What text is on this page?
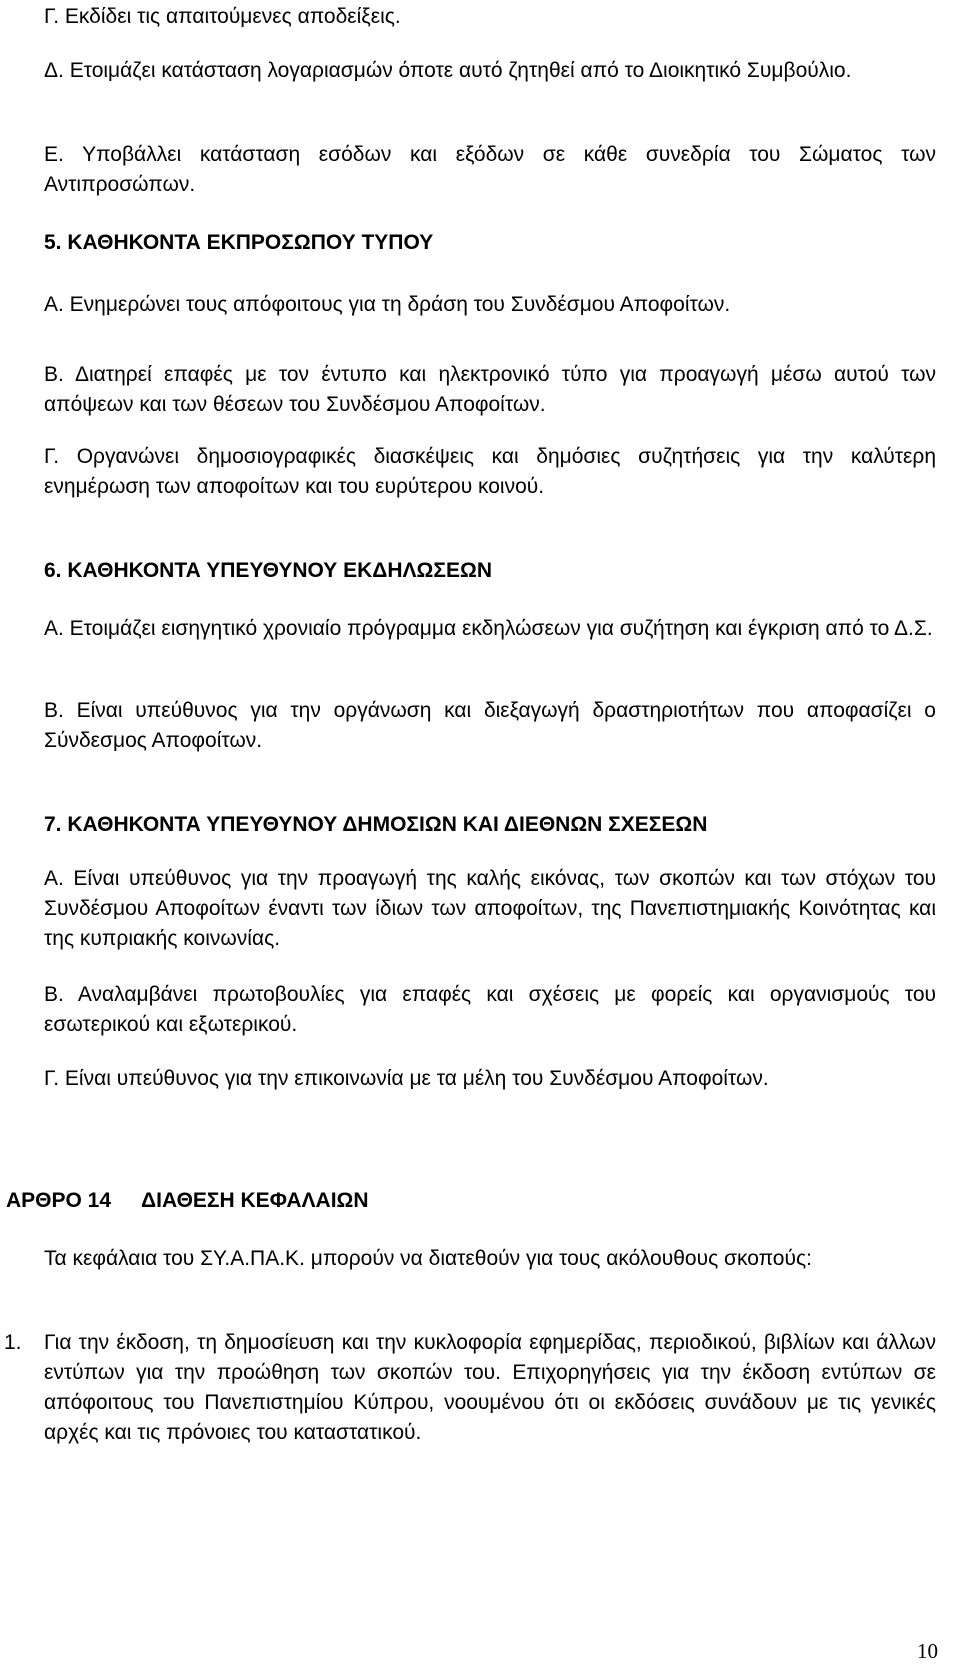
Γ. Εκδίδει τις απαιτούμενες αποδείξεις.

Δ. Ετοιμάζει κατάσταση λογαριασμών όποτε αυτό ζητηθεί από το Διοικητικό Συμβούλιο.

Ε. Υποβάλλει κατάσταση εσόδων και εξόδων σε κάθε συνεδρία του Σώματος των Αντιπροσώπων.

5. ΚΑΘΗΚΟΝΤΑ ΕΚΠΡΟΣΩΠΟΥ ΤΥΠΟΥ

Α. Ενημερώνει τους απόφοιτους για τη δράση του Συνδέσμου Αποφοίτων.

Β. Διατηρεί επαφές με τον έντυπο και ηλεκτρονικό τύπο για προαγωγή μέσω αυτού των απόψεων και των θέσεων του Συνδέσμου Αποφοίτων.

Γ. Οργανώνει δημοσιογραφικές διασκέψεις και δημόσιες συζητήσεις για την καλύτερη ενημέρωση των αποφοίτων και του ευρύτερου κοινού.

6. ΚΑΘΗΚΟΝΤΑ ΥΠΕΥΘΥΝΟΥ ΕΚΔΗΛΩΣΕΩΝ

Α. Ετοιμάζει εισηγητικό χρονιαίο πρόγραμμα εκδηλώσεων για συζήτηση και έγκριση από το Δ.Σ.

Β. Είναι υπεύθυνος για την οργάνωση και διεξαγωγή δραστηριοτήτων που αποφασίζει ο Σύνδεσμος Αποφοίτων.

7. ΚΑΘΗΚΟΝΤΑ ΥΠΕΥΘΥΝΟΥ ΔΗΜΟΣΙΩΝ ΚΑΙ ΔΙΕΘΝΩΝ ΣΧΕΣΕΩΝ

Α. Είναι υπεύθυνος για την προαγωγή της καλής εικόνας, των σκοπών και των στόχων του Συνδέσμου Αποφοίτων έναντι των ίδιων των αποφοίτων, της Πανεπιστημιακής Κοινότητας και της κυπριακής κοινωνίας.

Β. Αναλαμβάνει πρωτοβουλίες για επαφές και σχέσεις με φορείς και οργανισμούς του εσωτερικού και εξωτερικού.

Γ. Είναι υπεύθυνος για την επικοινωνία με τα μέλη του Συνδέσμου Αποφοίτων.

ΑΡΘΡΟ 14 ΔΙΑΘΕΣΗ ΚΕΦΑΛΑΙΩΝ

Τα κεφάλαια του ΣΥ.Α.ΠΑ.Κ. μπορούν να διατεθούν για τους ακόλουθους σκοπούς:

1. Για την έκδοση, τη δημοσίευση και την κυκλοφορία εφημερίδας, περιοδικού, βιβλίων και άλλων εντύπων για την προώθηση των σκοπών του. Επιχορηγήσεις για την έκδοση εντύπων σε απόφοιτους του Πανεπιστημίου Κύπρου, νοουμένου ότι οι εκδόσεις συνάδουν με τις γενικές αρχές και τις πρόνοιες του καταστατικού.

10
